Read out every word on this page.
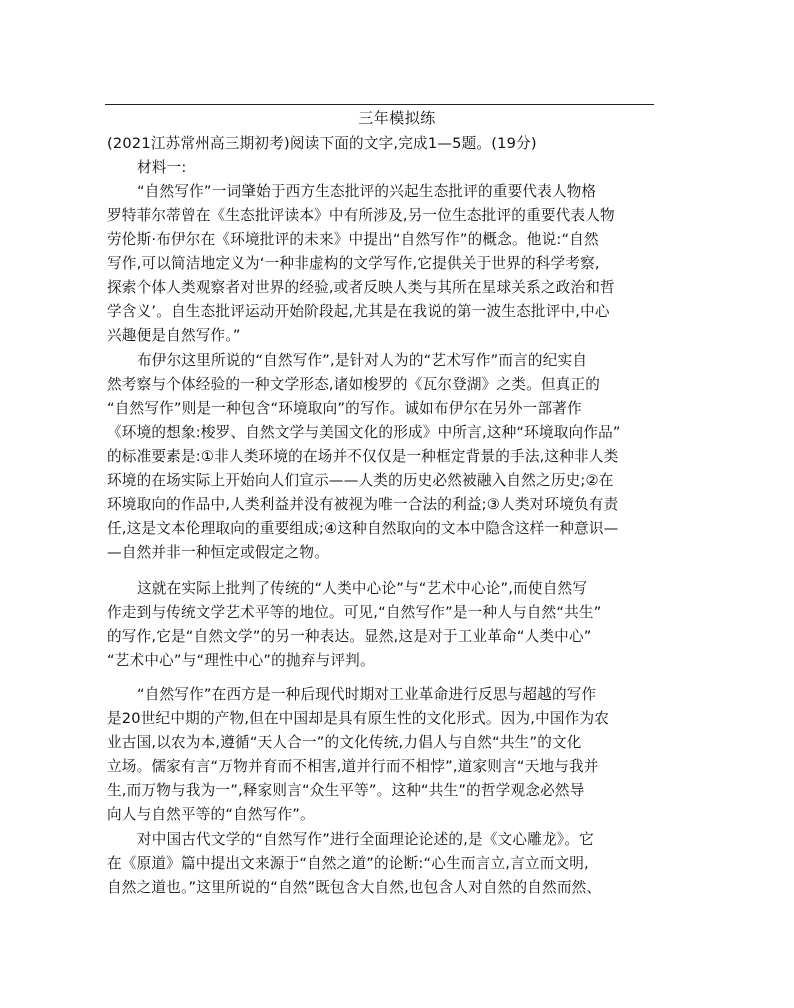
三年模拟练
(2021江苏常州高三期初考)阅读下面的文字,完成1—5题。(19分)
材料一:
“自然写作”一词肇始于西方生态批评的兴起生态批评的重要代表人物格
罗特菲尔蒂曾在《生态批评读本》中有所涉及,另一位生态批评的重要代表人物
劳伦斯·布伊尔在《环境批评的未来》中提出“自然写作”的概念。他说:“自然
写作,可以简洁地定义为‘一种非虚构的文学写作,它提供关于世界的科学考察,
探索个体人类观察者对世界的经验,或者反映人类与其所在星球关系之政治和哲
学含义’。自生态批评运动开始阶段起,尤其是在我说的第一波生态批评中,中心
兴趣便是自然写作。”
布伊尔这里所说的“自然写作”,是针对人为的“艺术写作”而言的纪实自
然考察与个体经验的一种文学形态,诸如梭罗的《瓦尔登湖》之类。但真正的
“自然写作”则是一种包含“环境取向”的写作。诚如布伊尔在另外一部著作
《环境的想象:梭罗、自然文学与美国文化的形成》中所言,这种“环境取向作品”
的标准要素是:①非人类环境的在场并不仅仅是一种框定背景的手法,这种非人类
环境的在场实际上开始向人们宣示——人类的历史必然被融入自然之历史;②在
环境取向的作品中,人类利益并没有被视为唯一合法的利益;③人类对环境负有责
任,这是文本伦理取向的重要组成;④这种自然取向的文本中隐含这样一种意识—
—自然并非一种恒定或假定之物。
这就在实际上批判了传统的“人类中心论”与“艺术中心论”,而使自然写
作走到与传统文学艺术平等的地位。可见,“自然写作”是一种人与自然“共生”
的写作,它是“自然文学”的另一种表达。显然,这是对于工业革命“人类中心”
“艺术中心”与“理性中心”的抛弃与评判。
“自然写作”在西方是一种后现代时期对工业革命进行反思与超越的写作
是20世纪中期的产物,但在中国却是具有原生性的文化形式。因为,中国作为农
业古国,以农为本,遵循“天人合一”的文化传统,力倡人与自然“共生”的文化
立场。儒家有言“万物并育而不相害,道并行而不相悖”,道家则言“天地与我并
生,而万物与我为一”,释家则言“众生平等”。这种“共生”的哲学观念必然导
向人与自然平等的“自然写作”。
对中国古代文学的“自然写作”进行全面理论论述的,是《文心雕龙》。它
在《原道》篇中提出文来源于“自然之道”的论断:“心生而言立,言立而文明,
自然之道也。”这里所说的“自然”既包含大自然,也包含人对自然的自然而然、
